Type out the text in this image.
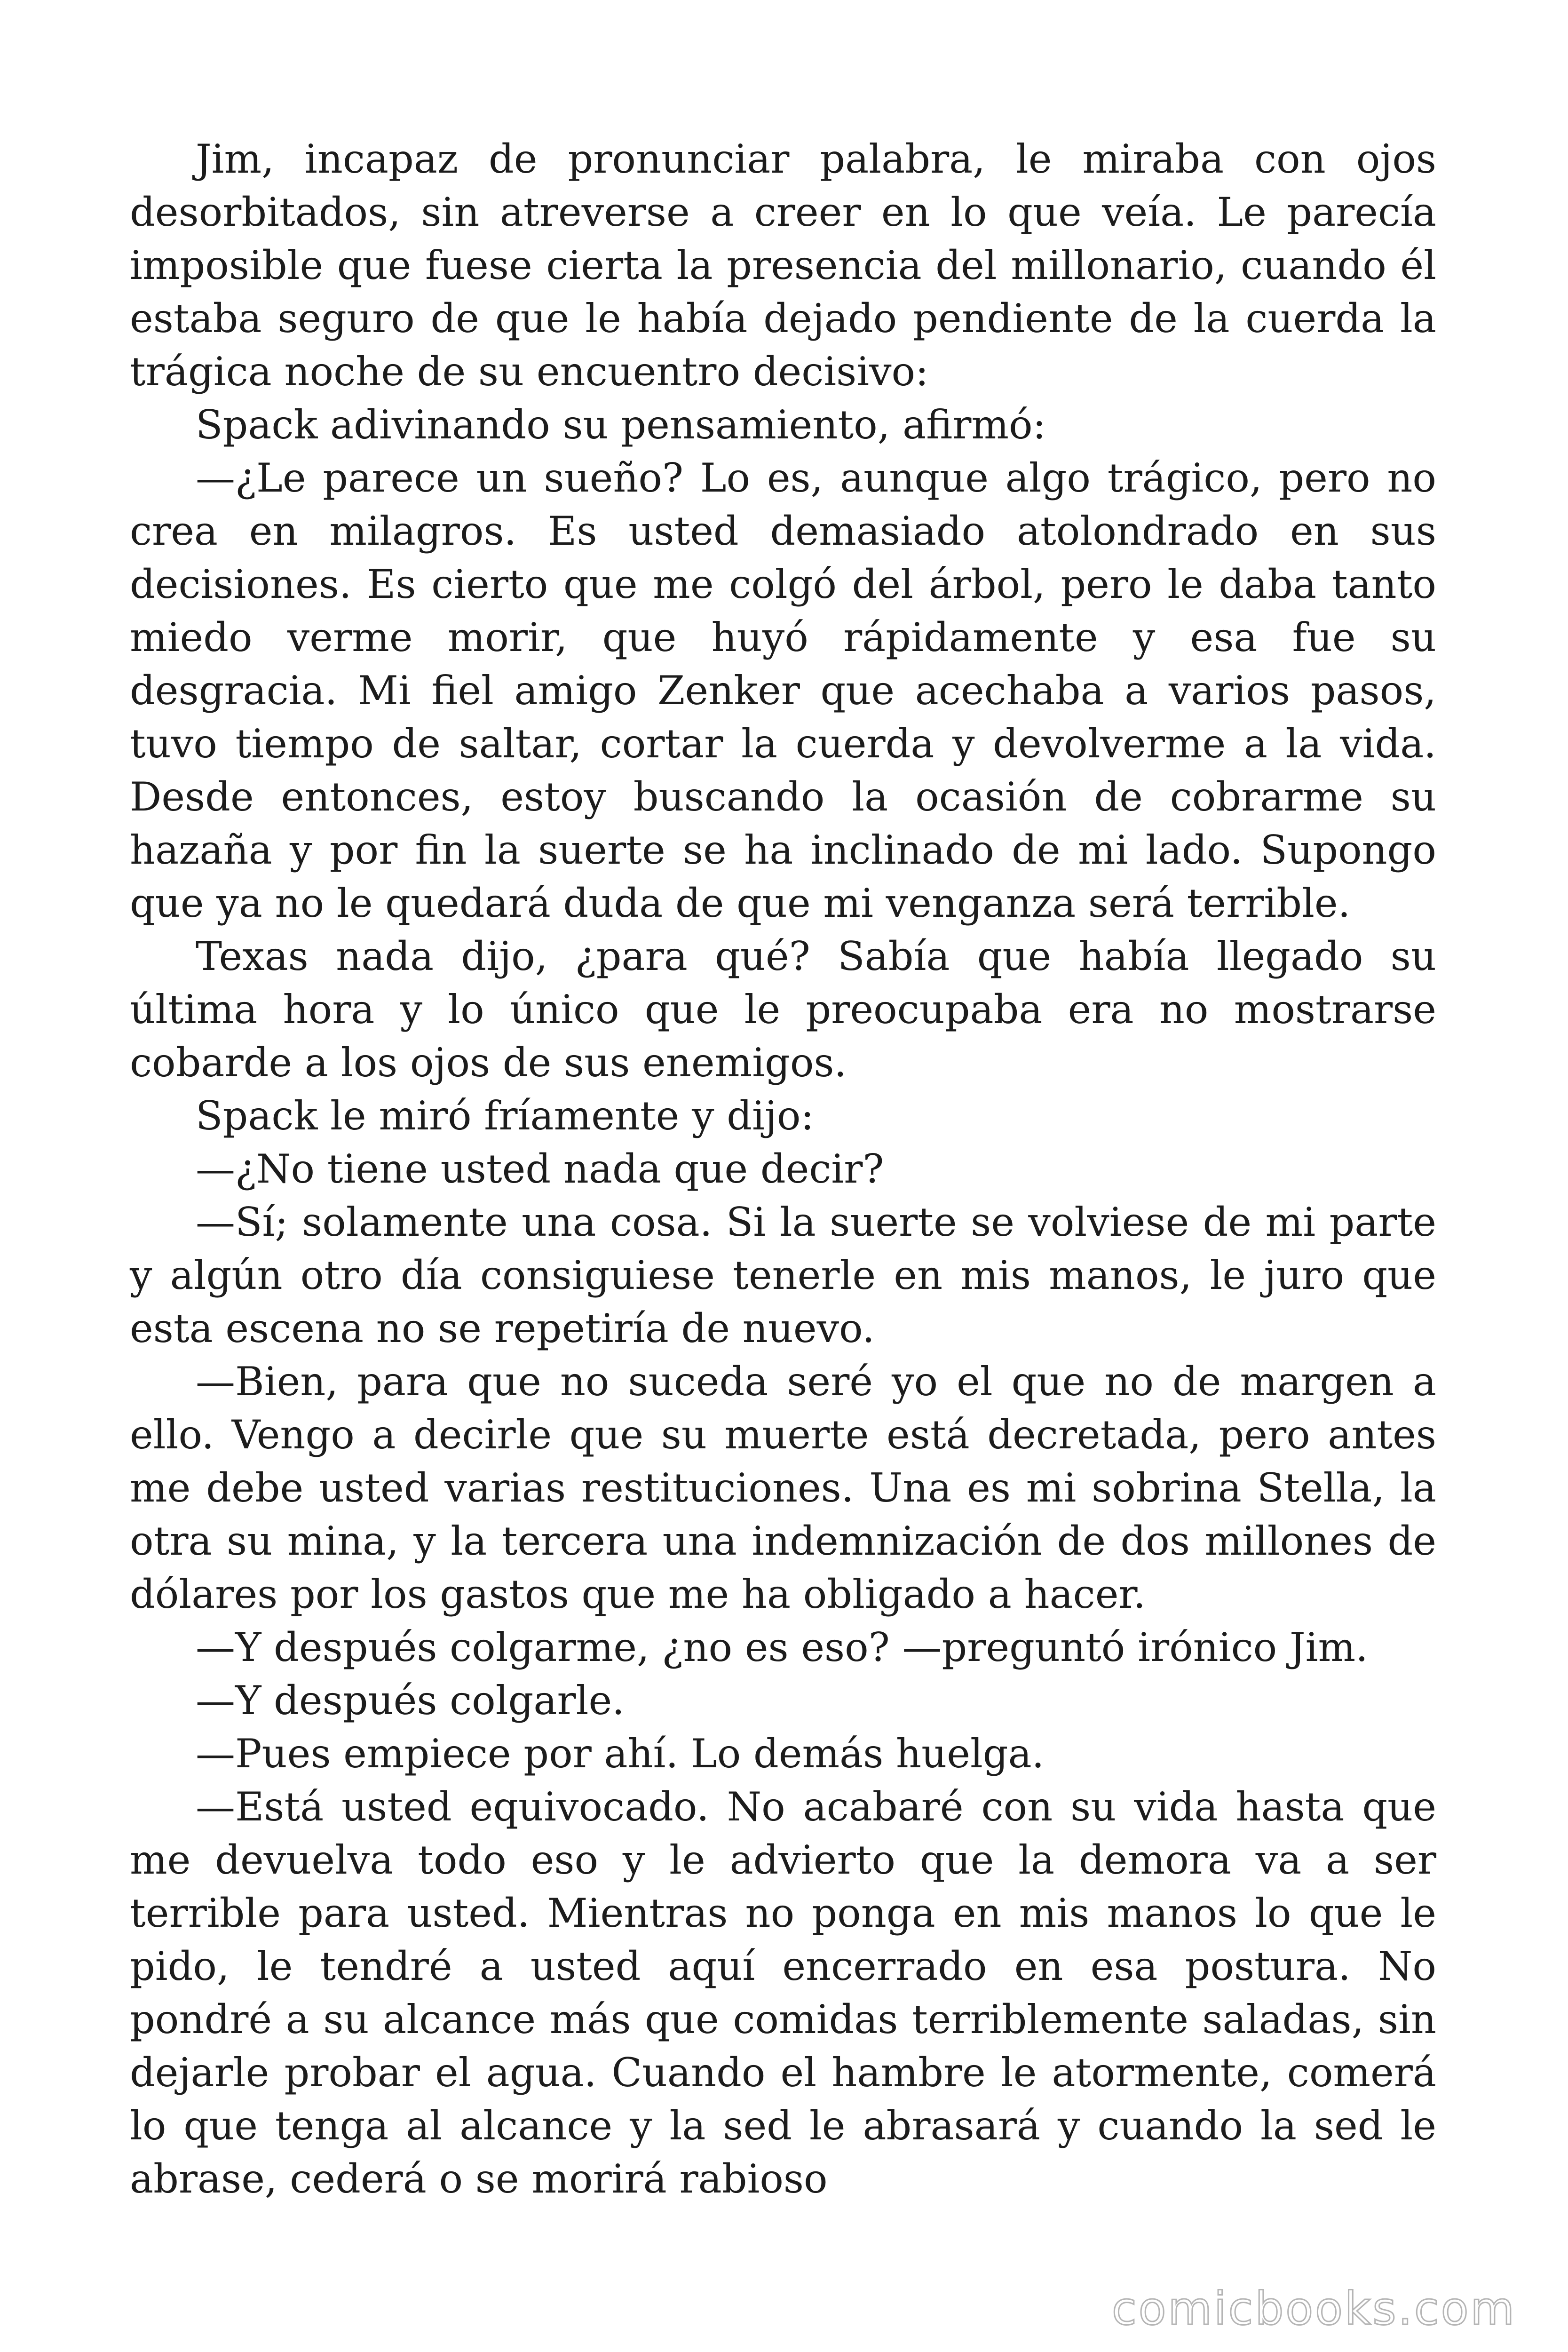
Jim, incapaz de pronunciar palabra, le miraba con ojos desorbitados, sin atreverse a creer en lo que veía. Le parecía imposible que fuese cierta la presencia del millonario, cuando él estaba seguro de que le había dejado pendiente de la cuerda la trágica noche de su encuentro decisivo:

Spack adivinando su pensamiento, afirmó:

—¿Le parece un sueño? Lo es, aunque algo trágico, pero no crea en milagros. Es usted demasiado atolondrado en sus decisiones. Es cierto que me colgó del árbol, pero le daba tanto miedo verme morir, que huyó rápidamente y esa fue su desgracia. Mi fiel amigo Zenker que acechaba a varios pasos, tuvo tiempo de saltar, cortar la cuerda y devolverme a la vida. Desde entonces, estoy buscando la ocasión de cobrarme su hazaña y por fin la suerte se ha inclinado de mi lado. Supongo que ya no le quedará duda de que mi venganza será terrible.

Texas nada dijo, ¿para qué? Sabía que había llegado su última hora y lo único que le preocupaba era no mostrarse cobarde a los ojos de sus enemigos.

Spack le miró fríamente y dijo:

—¿No tiene usted nada que decir?

—Sí; solamente una cosa. Si la suerte se volviese de mi parte y algún otro día consiguiese tenerle en mis manos, le juro que esta escena no se repetiría de nuevo.

—Bien, para que no suceda seré yo el que no de margen a ello. Vengo a decirle que su muerte está decretada, pero antes me debe usted varias restituciones. Una es mi sobrina Stella, la otra su mina, y la tercera una indemnización de dos millones de dólares por los gastos que me ha obligado a hacer.

—Y después colgarme, ¿no es eso? —preguntó irónico Jim.

—Y después colgarle.

—Pues empiece por ahí. Lo demás huelga.

—Está usted equivocado. No acabaré con su vida hasta que me devuelva todo eso y le advierto que la demora va a ser terrible para usted. Mientras no ponga en mis manos lo que le pido, le tendré a usted aquí encerrado en esa postura. No pondré a su alcance más que comidas terriblemente saladas, sin dejarle probar el agua. Cuando el hambre le atormente, comerá lo que tenga al alcance y la sed le abrasará y cuando la sed le abrase, cederá o se morirá rabioso

comicbooks.com
